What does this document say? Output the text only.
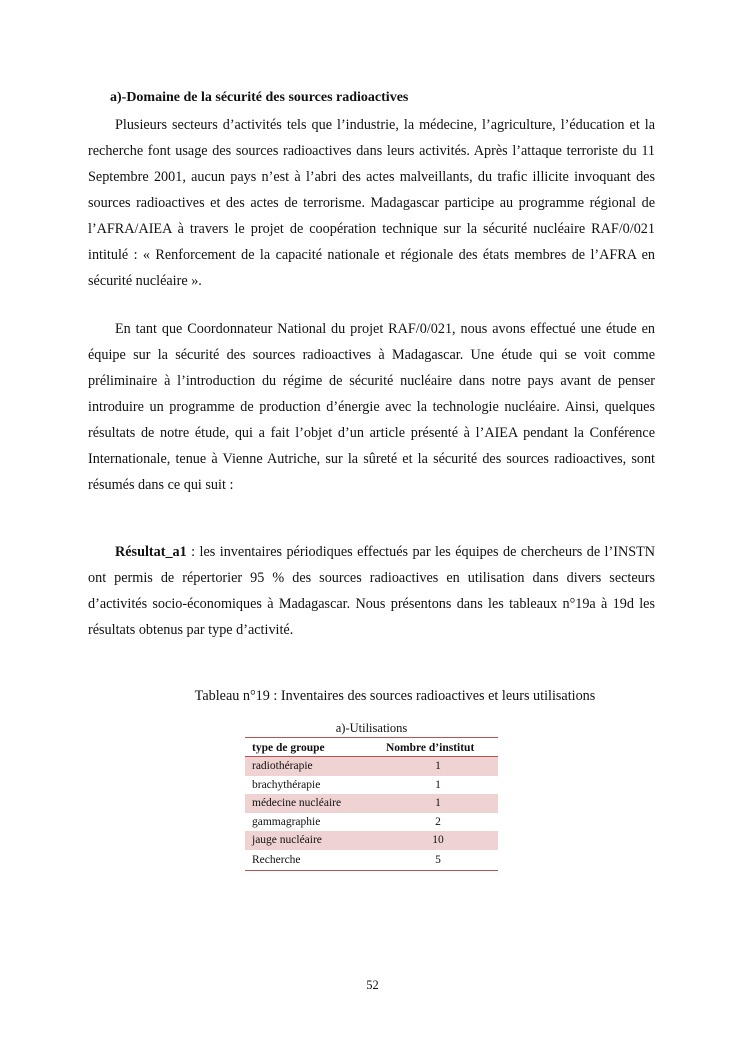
a)-Domaine de la sécurité des sources radioactives

Plusieurs secteurs d’activités tels que l’industrie, la médecine, l’agriculture, l’éducation et la recherche font usage des sources radioactives dans leurs activités. Après l’attaque terroriste du 11 Septembre 2001, aucun pays n’est à l’abri des actes malveillants, du trafic illicite invoquant des sources radioactives et des actes de terrorisme. Madagascar participe au programme régional de l’AFRA/AIEA à travers le projet de coopération technique sur la sécurité nucléaire RAF/0/021 intitulé : « Renforcement de la capacité nationale et régionale des états membres de l’AFRA en sécurité nucléaire ».

En tant que Coordonnateur National du projet RAF/0/021, nous avons effectué une étude en équipe sur la sécurité des sources radioactives à Madagascar. Une étude qui se voit comme préliminaire à l’introduction du régime de sécurité nucléaire dans notre pays avant de penser introduire un programme de production d’énergie avec la technologie nucléaire. Ainsi, quelques résultats de notre étude, qui a fait l’objet d’un article présenté à l’AIEA pendant la Conférence Internationale, tenue à Vienne Autriche, sur la sûreté et la sécurité des sources radioactives, sont résumés dans ce qui suit :

Résultat_a1 : les inventaires périodiques effectués par les équipes de chercheurs de l’INSTN ont permis de répertorier 95 % des sources radioactives en utilisation dans divers secteurs d’activités socio-économiques à Madagascar. Nous présentons dans les tableaux n°19a à 19d les résultats obtenus par type d’activité.

Tableau n°19 : Inventaires des sources radioactives et leurs utilisations
a)-Utilisations
type de groupe	Nombre d’institut
radiothérapie	1
brachythérapie	1
médecine nucléaire	1
gammagraphie	2
jauge nucléaire	10
Recherche	5
52
